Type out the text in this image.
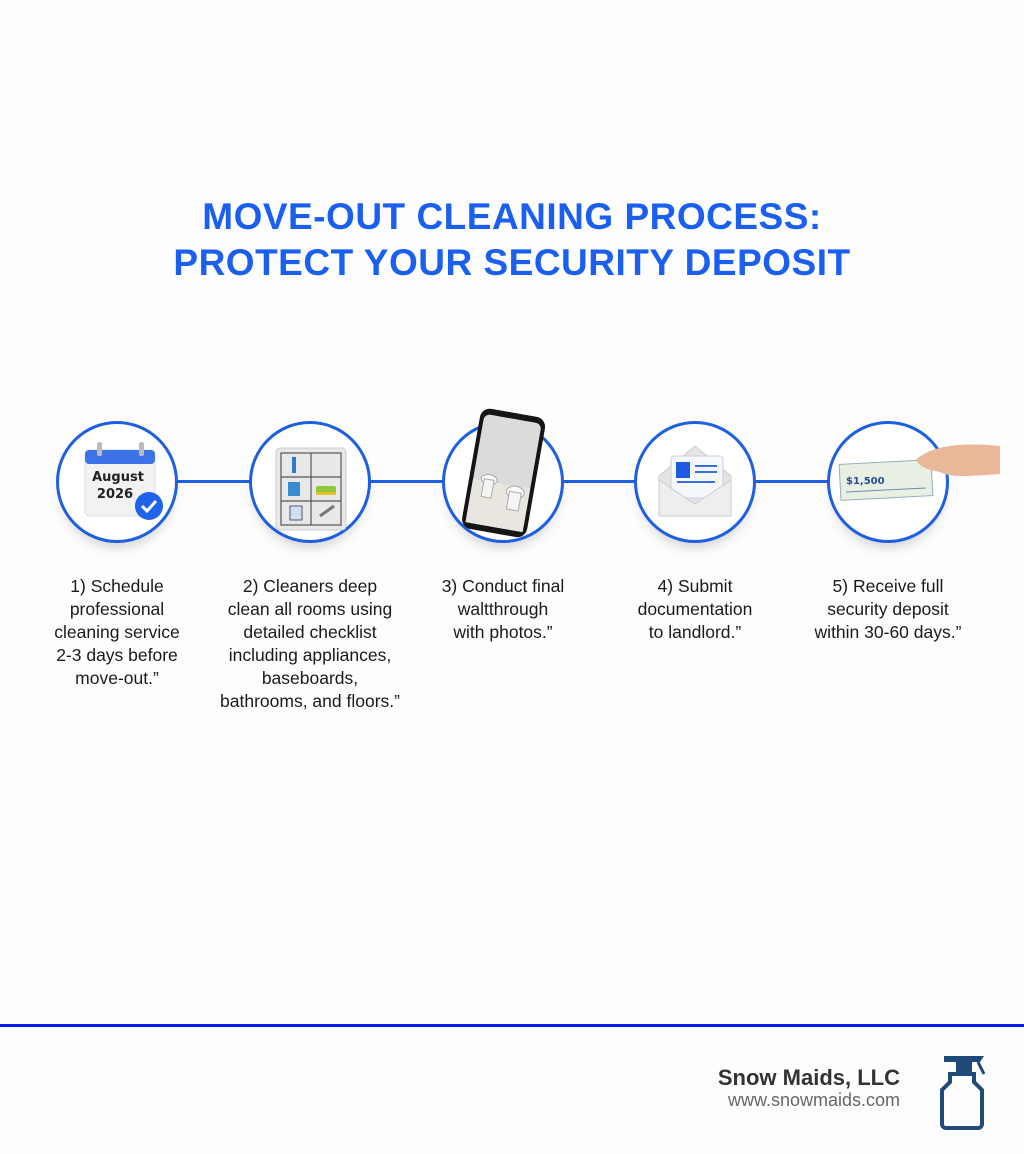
MOVE-OUT CLEANING PROCESS:
PROTECT YOUR SECURITY DEPOSIT
August
2026
1) Schedule
professional
cleaning service
2-3 days before
move-out.”
2) Cleaners deep
clean all rooms using
detailed checklist
including appliances,
baseboards,
bathrooms, and floors.”
3) Conduct final
waltthrough
with photos.”
4) Submit
documentation
to landlord.”
$1,500
5) Receive full
security deposit
within 30-60 days.”
Snow Maids, LLC
www.snowmaids.com
